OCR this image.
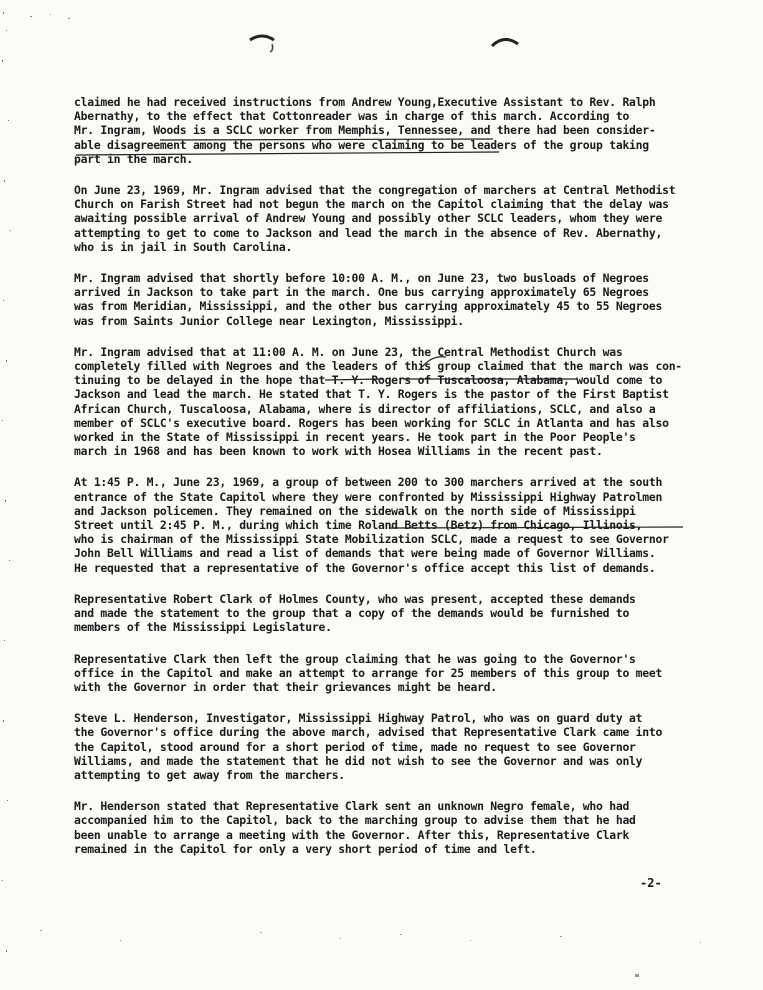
claimed he had received instructions from Andrew Young,Executive Assistant to Rev. Ralph
Abernathy, to the effect that Cottonreader was in charge of this march. According to
Mr. Ingram, Woods is a SCLC worker from Memphis, Tennessee, and there had been consider-
able disagreement among the persons who were claiming to be leaders of the group taking
part in the march.

On June 23, 1969, Mr. Ingram advised that the congregation of marchers at Central Methodist
Church on Farish Street had not begun the march on the Capitol claiming that the delay was
awaiting possible arrival of Andrew Young and possibly other SCLC leaders, whom they were
attempting to get to come to Jackson and lead the march in the absence of Rev. Abernathy,
who is in jail in South Carolina.

Mr. Ingram advised that shortly before 10:00 A. M., on June 23, two busloads of Negroes
arrived in Jackson to take part in the march. One bus carrying approximately 65 Negroes
was from Meridian, Mississippi, and the other bus carrying approximately 45 to 55 Negroes
was from Saints Junior College near Lexington, Mississippi.

Mr. Ingram advised that at 11:00 A. M. on June 23, the Central Methodist Church was
completely filled with Negroes and the leaders of this group claimed that the march was con-
tinuing to be delayed in the hope that T. Y. Rogers of Tuscaloosa, Alabama, would come to
Jackson and lead the march. He stated that T. Y. Rogers is the pastor of the First Baptist
African Church, Tuscaloosa, Alabama, where is director of affiliations, SCLC, and also a
member of SCLC's executive board. Rogers has been working for SCLC in Atlanta and has also
worked in the State of Mississippi in recent years. He took part in the Poor People's
march in 1968 and has been known to work with Hosea Williams in the recent past.

At 1:45 P. M., June 23, 1969, a group of between 200 to 300 marchers arrived at the south
entrance of the State Capitol where they were confronted by Mississippi Highway Patrolmen
and Jackson policemen. They remained on the sidewalk on the north side of Mississippi
Street until 2:45 P. M., during which time Roland Betts (Betz) from Chicago, Illinois,
who is chairman of the Mississippi State Mobilization SCLC, made a request to see Governor
John Bell Williams and read a list of demands that were being made of Governor Williams.
He requested that a representative of the Governor's office accept this list of demands.

Representative Robert Clark of Holmes County, who was present, accepted these demands
and made the statement to the group that a copy of the demands would be furnished to
members of the Mississippi Legislature.

Representative Clark then left the group claiming that he was going to the Governor's
office in the Capitol and make an attempt to arrange for 25 members of this group to meet
with the Governor in order that their grievances might be heard.

Steve L. Henderson, Investigator, Mississippi Highway Patrol, who was on guard duty at
the Governor's office during the above march, advised that Representative Clark came into
the Capitol, stood around for a short period of time, made no request to see Governor
Williams, and made the statement that he did not wish to see the Governor and was only
attempting to get away from the marchers.

Mr. Henderson stated that Representative Clark sent an unknown Negro female, who had
accompanied him to the Capitol, back to the marching group to advise them that he had
been unable to arrange a meeting with the Governor. After this, Representative Clark
remained in the Capitol for only a very short period of time and left.

-2-
